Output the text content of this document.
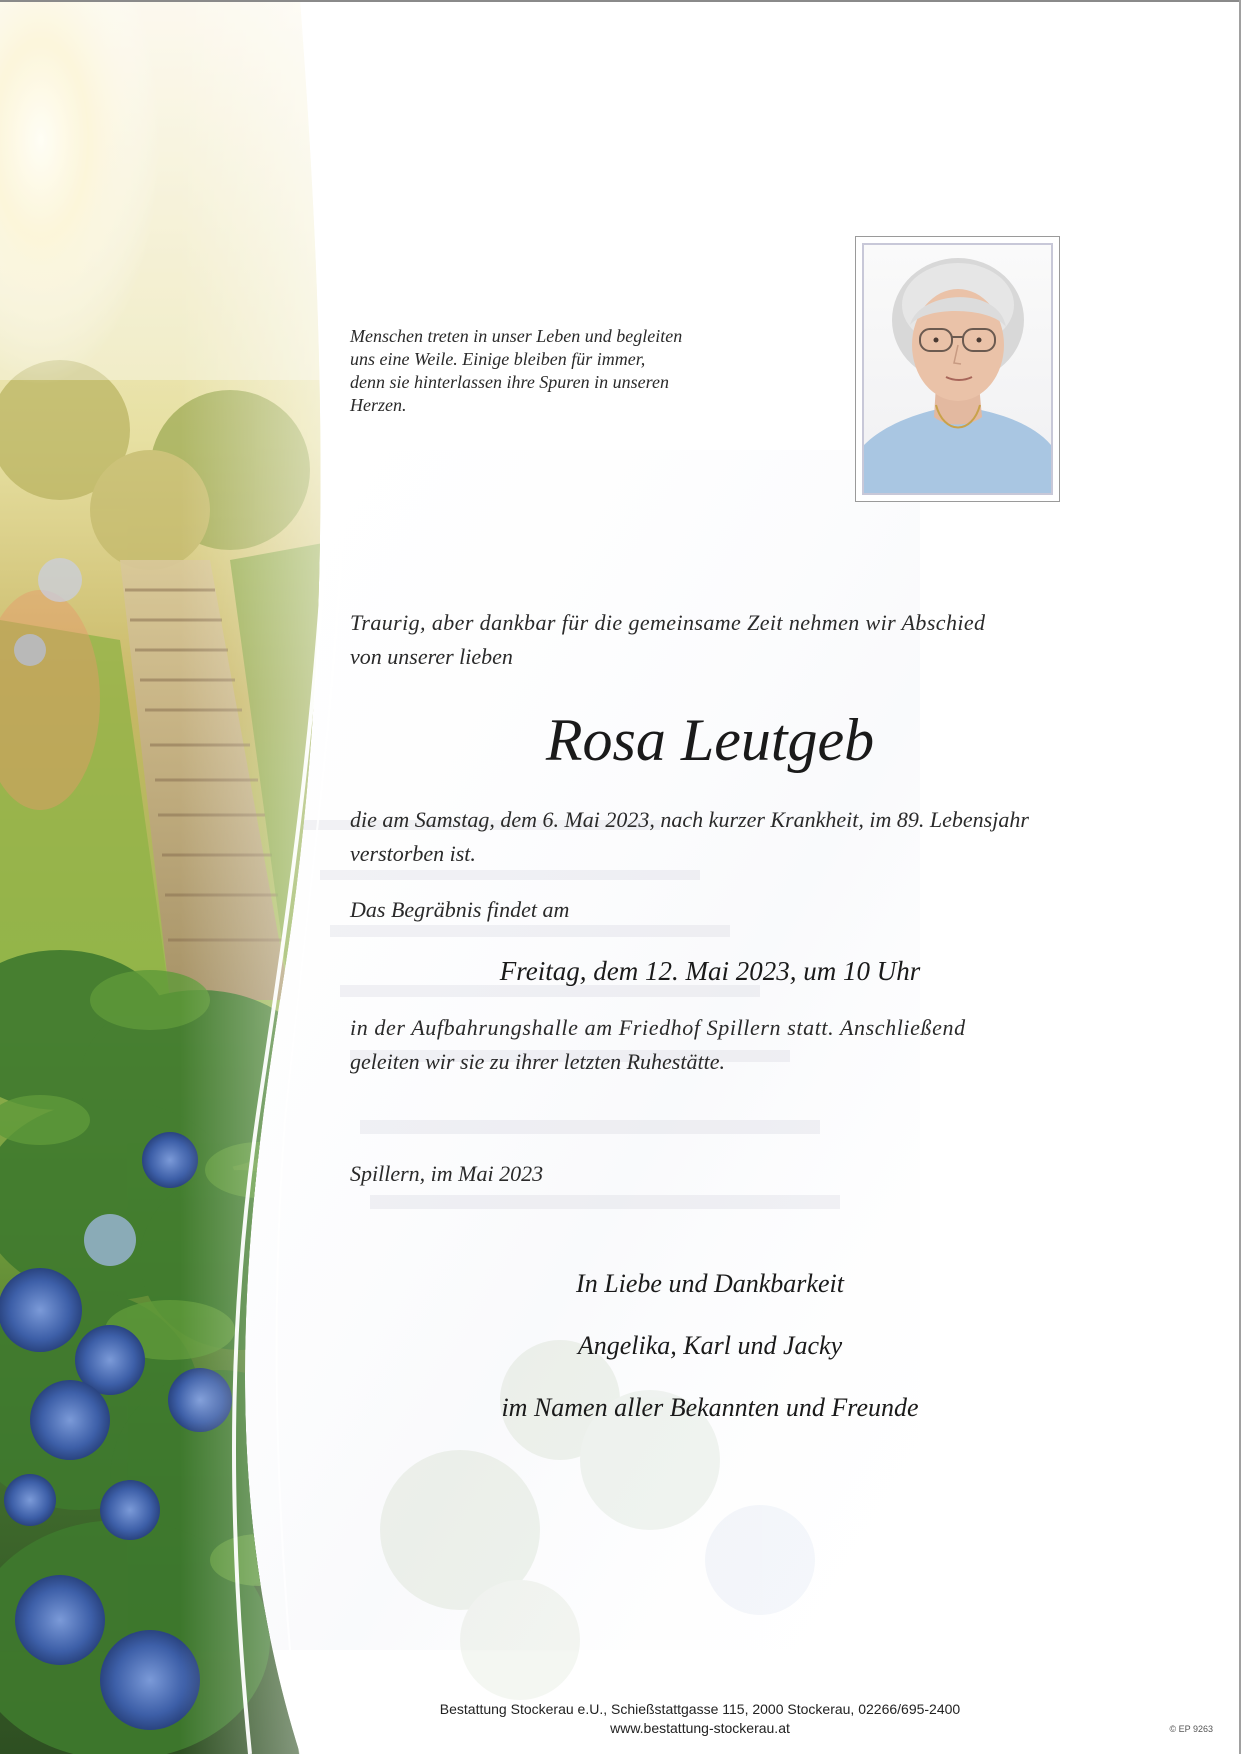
Menschen treten in unser Leben und begleiten
uns eine Weile. Einige bleiben für immer,
denn sie hinterlassen ihre Spuren in unseren
Herzen.
Traurig, aber dankbar für die gemeinsame Zeit nehmen wir Abschied
von unserer lieben
Rosa Leutgeb
die am Samstag, dem 6. Mai 2023, nach kurzer Krankheit, im 89. Lebensjahr
verstorben ist.
Das Begräbnis findet am
Freitag, dem 12. Mai 2023, um 10 Uhr
in der Aufbahrungshalle am Friedhof Spillern statt. Anschließend
geleiten wir sie zu ihrer letzten Ruhestätte.
Spillern, im Mai 2023
In Liebe und Dankbarkeit
Angelika, Karl und Jacky
im Namen aller Bekannten und Freunde
Bestattung Stockerau e.U., Schießstattgasse 115, 2000 Stockerau, 02266/695-2400
www.bestattung-stockerau.at	© EP 9263
